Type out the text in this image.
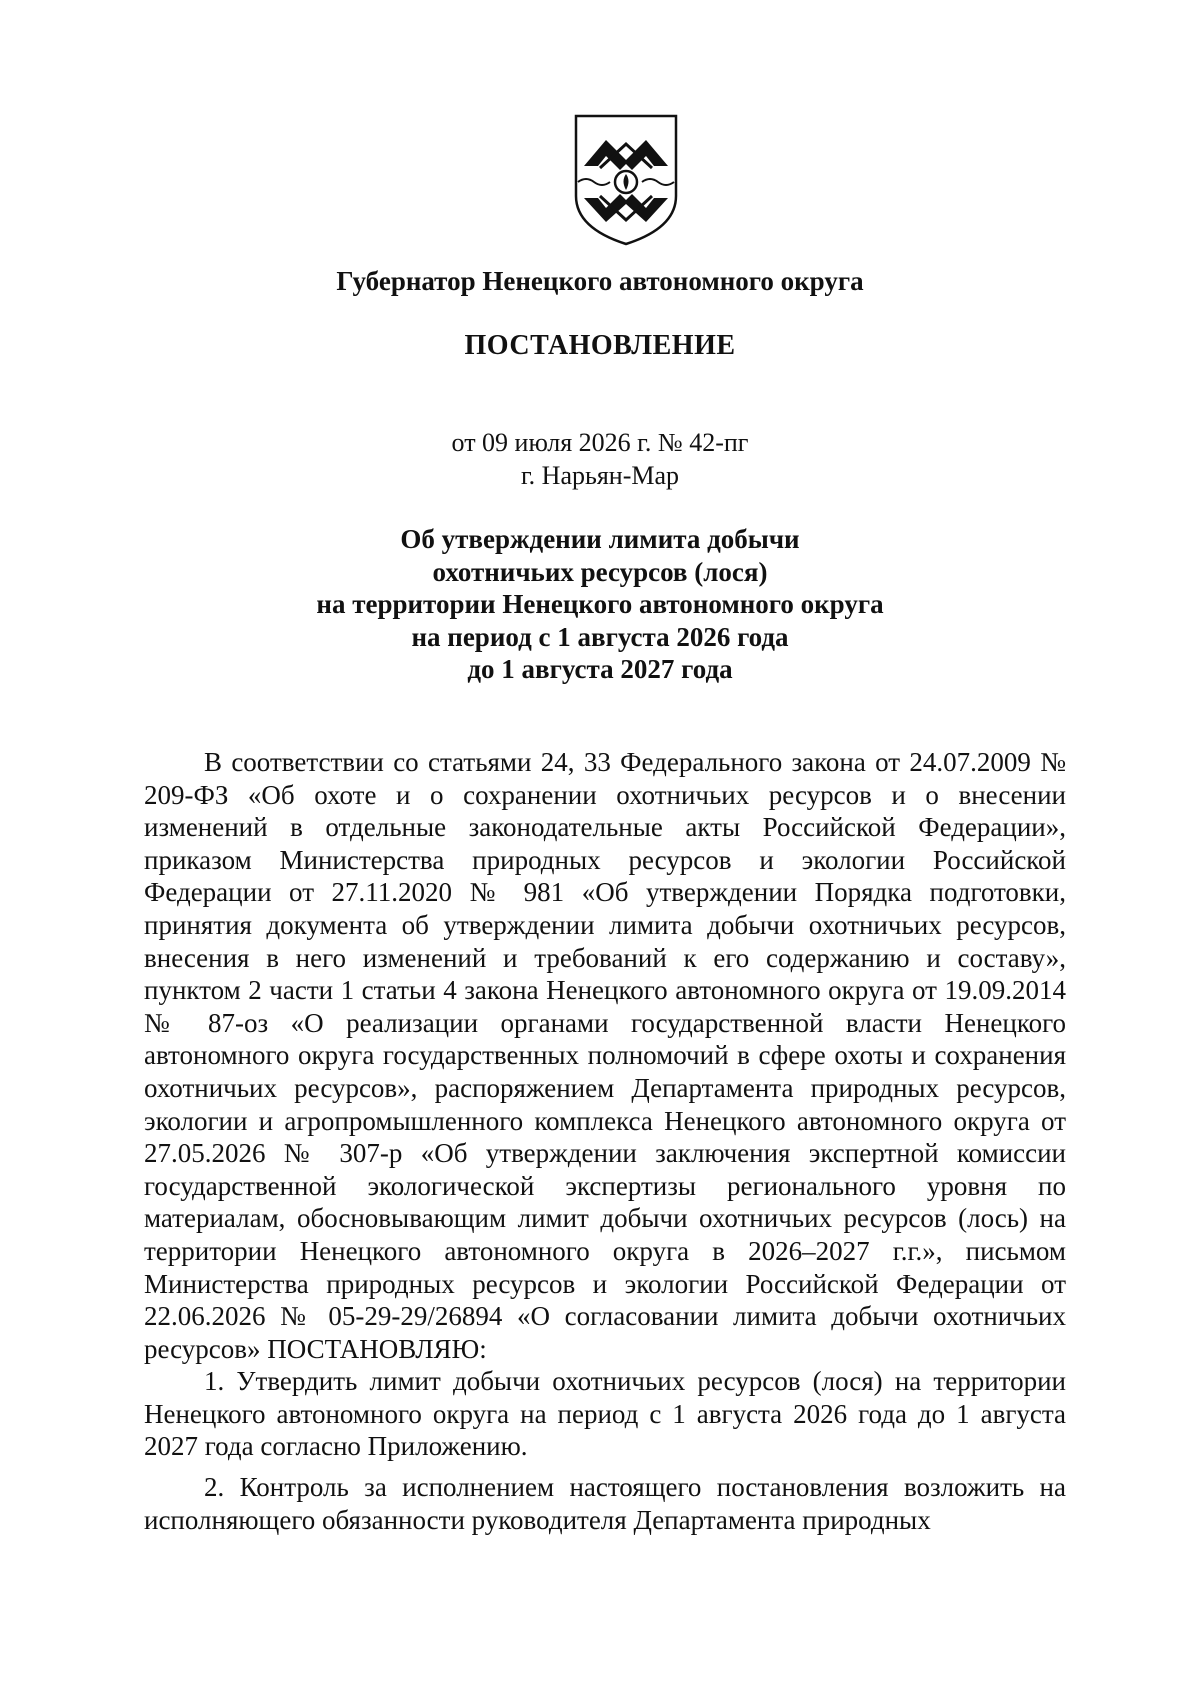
Губернатор Ненецкого автономного округа
ПОСТАНОВЛЕНИЕ
от 09 июля 2026 г. № 42-пг
г. Нарьян-Мар
Об утверждении лимита добычи
охотничьих ресурсов (лося)
на территории Ненецкого автономного округа
на период с 1 августа 2026 года
до 1 августа 2027 года

В соответствии со статьями 24, 33 Федерального закона от 24.07.2009 № 209-ФЗ «Об охоте и о сохранении охотничьих ресурсов и о внесении изменений в отдельные законодательные акты Российской Федерации», приказом Министерства природных ресурсов и экологии Российской Федерации от 27.11.2020 № 981 «Об утверждении Порядка подготовки, принятия документа об утверждении лимита добычи охотничьих ресурсов, внесения в него изменений и требований к его содержанию и составу», пунктом 2 части 1 статьи 4 закона Ненецкого автономного округа от 19.09.2014 № 87-оз «О реализации органами государственной власти Ненецкого автономного округа государственных полномочий в сфере охоты и сохранения охотничьих ресурсов», распоряжением Департамента природных ресурсов, экологии и агропромышленного комплекса Ненецкого автономного округа от 27.05.2026 № 307-р «Об утверждении заключения экспертной комиссии государственной экологической экспертизы регионального уровня по материалам, обосновывающим лимит добычи охотничьих ресурсов (лось) на территории Ненецкого автономного округа в 2026–2027 г.г.», письмом Министерства природных ресурсов и экологии Российской Федерации от 22.06.2026 № 05-29-29/26894 «О согласовании лимита добычи охотничьих ресурсов» ПОСТАНОВЛЯЮ:

1. Утвердить лимит добычи охотничьих ресурсов (лося) на территории Ненецкого автономного округа на период с 1 августа 2026 года до 1 августа 2027 года согласно Приложению.

2. Контроль за исполнением настоящего постановления возложить на исполняющего обязанности руководителя Департамента природных
